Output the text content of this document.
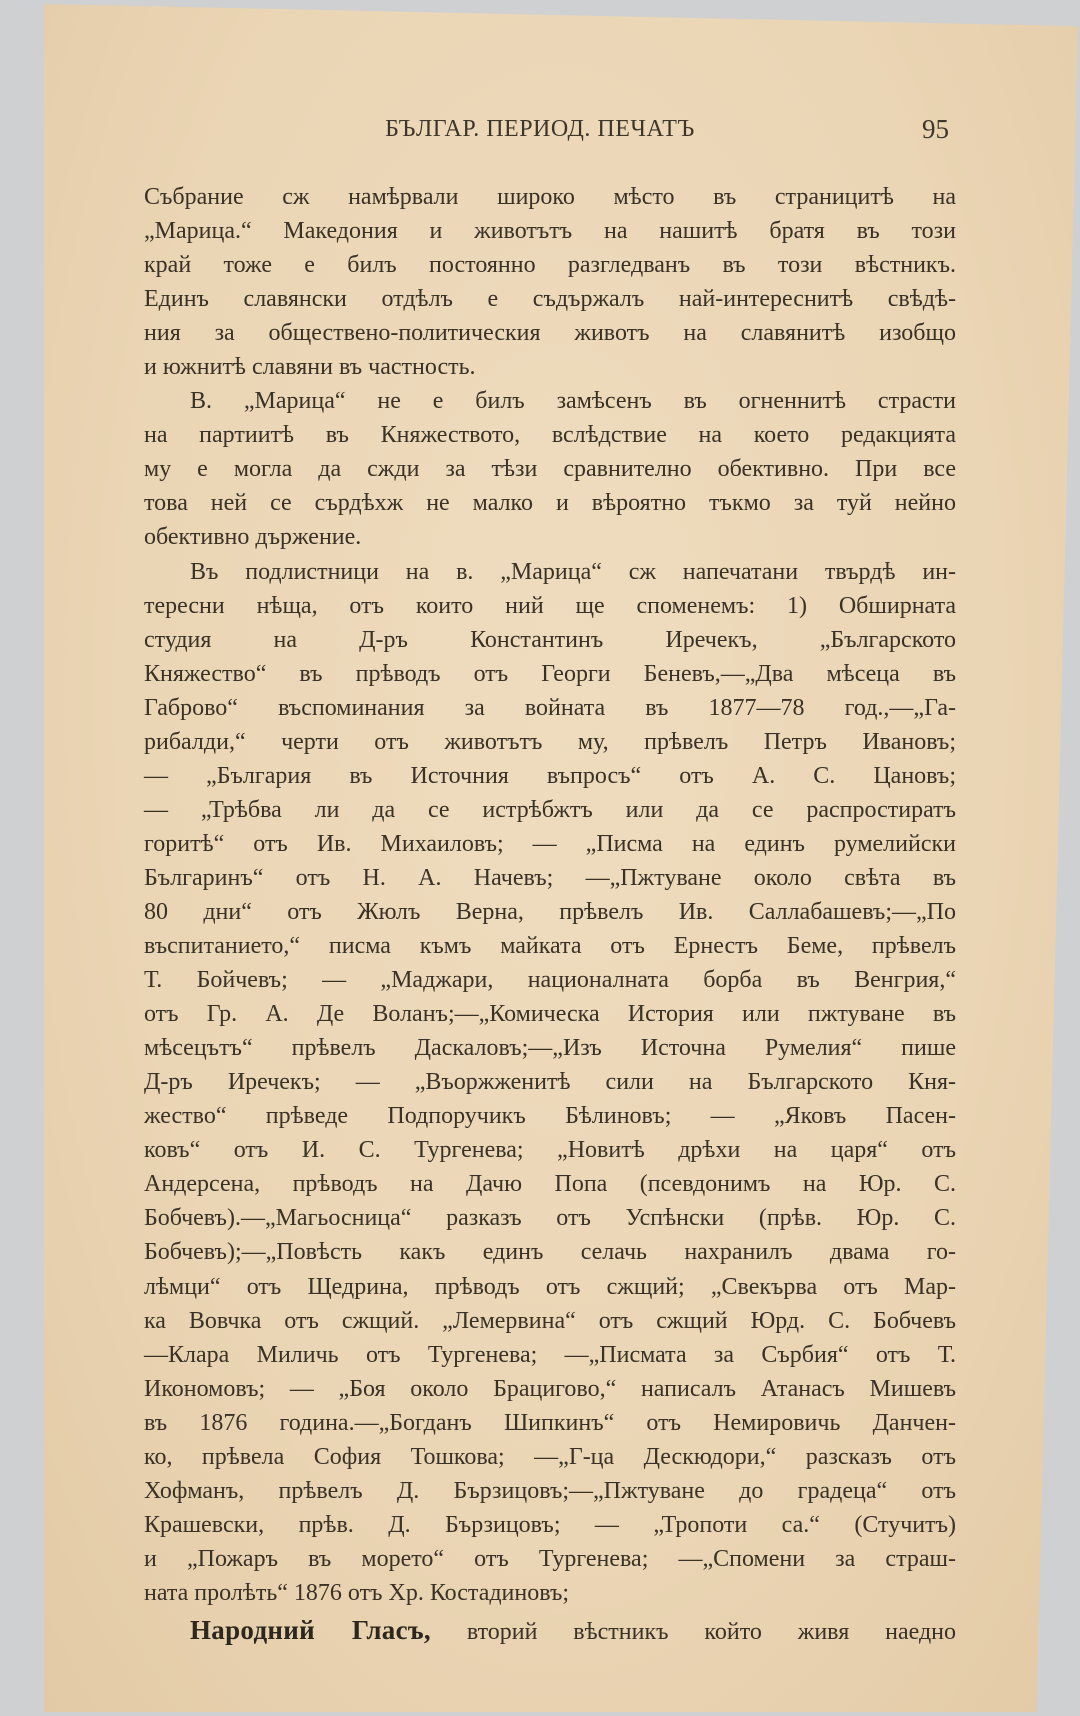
БЪЛГАР. ПЕРИОД. ПЕЧАТЪ	95
Събрание сж намѣрвали широко мѣсто въ страницитѣ на
„Марица.“ Македония и животътъ на нашитѣ братя въ този
край тоже е билъ постоянно разгледванъ въ този вѣстникъ.
Единъ славянски отдѣлъ е съдържалъ най-интереснитѣ свѣдѣ-
ния за обществено-политическия животъ на славянитѣ изобщо
и южнитѣ славяни въ частность.
В. „Марица“ не е билъ замѣсенъ въ огненнитѣ страсти
на партиитѣ въ Княжеството, вслѣдствие на което редакцията
му е могла да сжди за тѣзи сравнително обективно. При все
това ней се сърдѣхж не малко и вѣроятно тъкмо за туй нейно
обективно държение.
Въ подлистници на в. „Марица“ сж напечатани твърдѣ ин-
тересни нѣща, отъ които ний ще споменемъ: 1) Обширната
студия на Д-ръ Константинъ Иречекъ, „Българското
Княжество“ въ прѣводъ отъ Георги Беневъ,—„Два мѣсеца въ
Габрово“ въспоминания за войната въ 1877—78 год.,—„Га-
рибалди,“ черти отъ животътъ му, прѣвелъ Петръ Ивановъ;
— „България въ Источния въпросъ“ отъ А. С. Цановъ;
— „Трѣбва ли да се истрѣбжтъ или да се распростиратъ
горитѣ“ отъ Ив. Михаиловъ; — „Писма на единъ румелийски
Българинъ“ отъ Н. А. Начевъ; —„Пжтуване около свѣта въ
80 дни“ отъ Жюлъ Верна, прѣвелъ Ив. Саллабашевъ;—„По
въспитанието,“ писма къмъ майката отъ Ернестъ Беме, прѣвелъ
Т. Бойчевъ; — „Маджари, националната борба въ Венгрия,“
отъ Гр. А. Де Воланъ;—„Комическа История или пжтуване въ
мѣсецътъ“ прѣвелъ Даскаловъ;—„Изъ Источна Румелия“ пише
Д-ръ Иречекъ; — „Въоржженитѣ сили на Българското Кня-
жество“ прѣведе Подпоручикъ Бѣлиновъ; — „Яковъ Пасен-
ковъ“ отъ И. С. Тургенева; „Новитѣ дрѣхи на царя“ отъ
Андерсена, прѣводъ на Дачю Попа (псевдонимъ на Юр. С.
Бобчевъ).—„Магьосница“ разказъ отъ Успѣнски (прѣв. Юр. С.
Бобчевъ);—„Повѣсть какъ единъ селачь нахранилъ двама го-
лѣмци“ отъ Щедрина, прѣводъ отъ сжщий; „Свекърва отъ Мар-
ка Вовчка отъ сжщий. „Лемервина“ отъ сжщий Юрд. С. Бобчевъ
—Клара Миличь отъ Тургенева; —„Писмата за Сърбия“ отъ Т.
Икономовъ; — „Боя около Брацигово,“ написалъ Атанасъ Мишевъ
въ 1876 година.—„Богданъ Шипкинъ“ отъ Немировичь Данчен-
ко, прѣвела София Тошкова; —„Г-ца Дескюдори,“ разсказъ отъ
Хофманъ, прѣвелъ Д. Бързицовъ;—„Пжтуване до градеца“ отъ
Крашевски, прѣв. Д. Бързицовъ; — „Тропоти са.“ (Стучитъ)
и „Пожаръ въ морето“ отъ Тургенева; —„Спомени за страш-
ната пролѣть“ 1876 отъ Хр. Костадиновъ;
Народний Гласъ, вторий вѣстникъ който живя наедно
